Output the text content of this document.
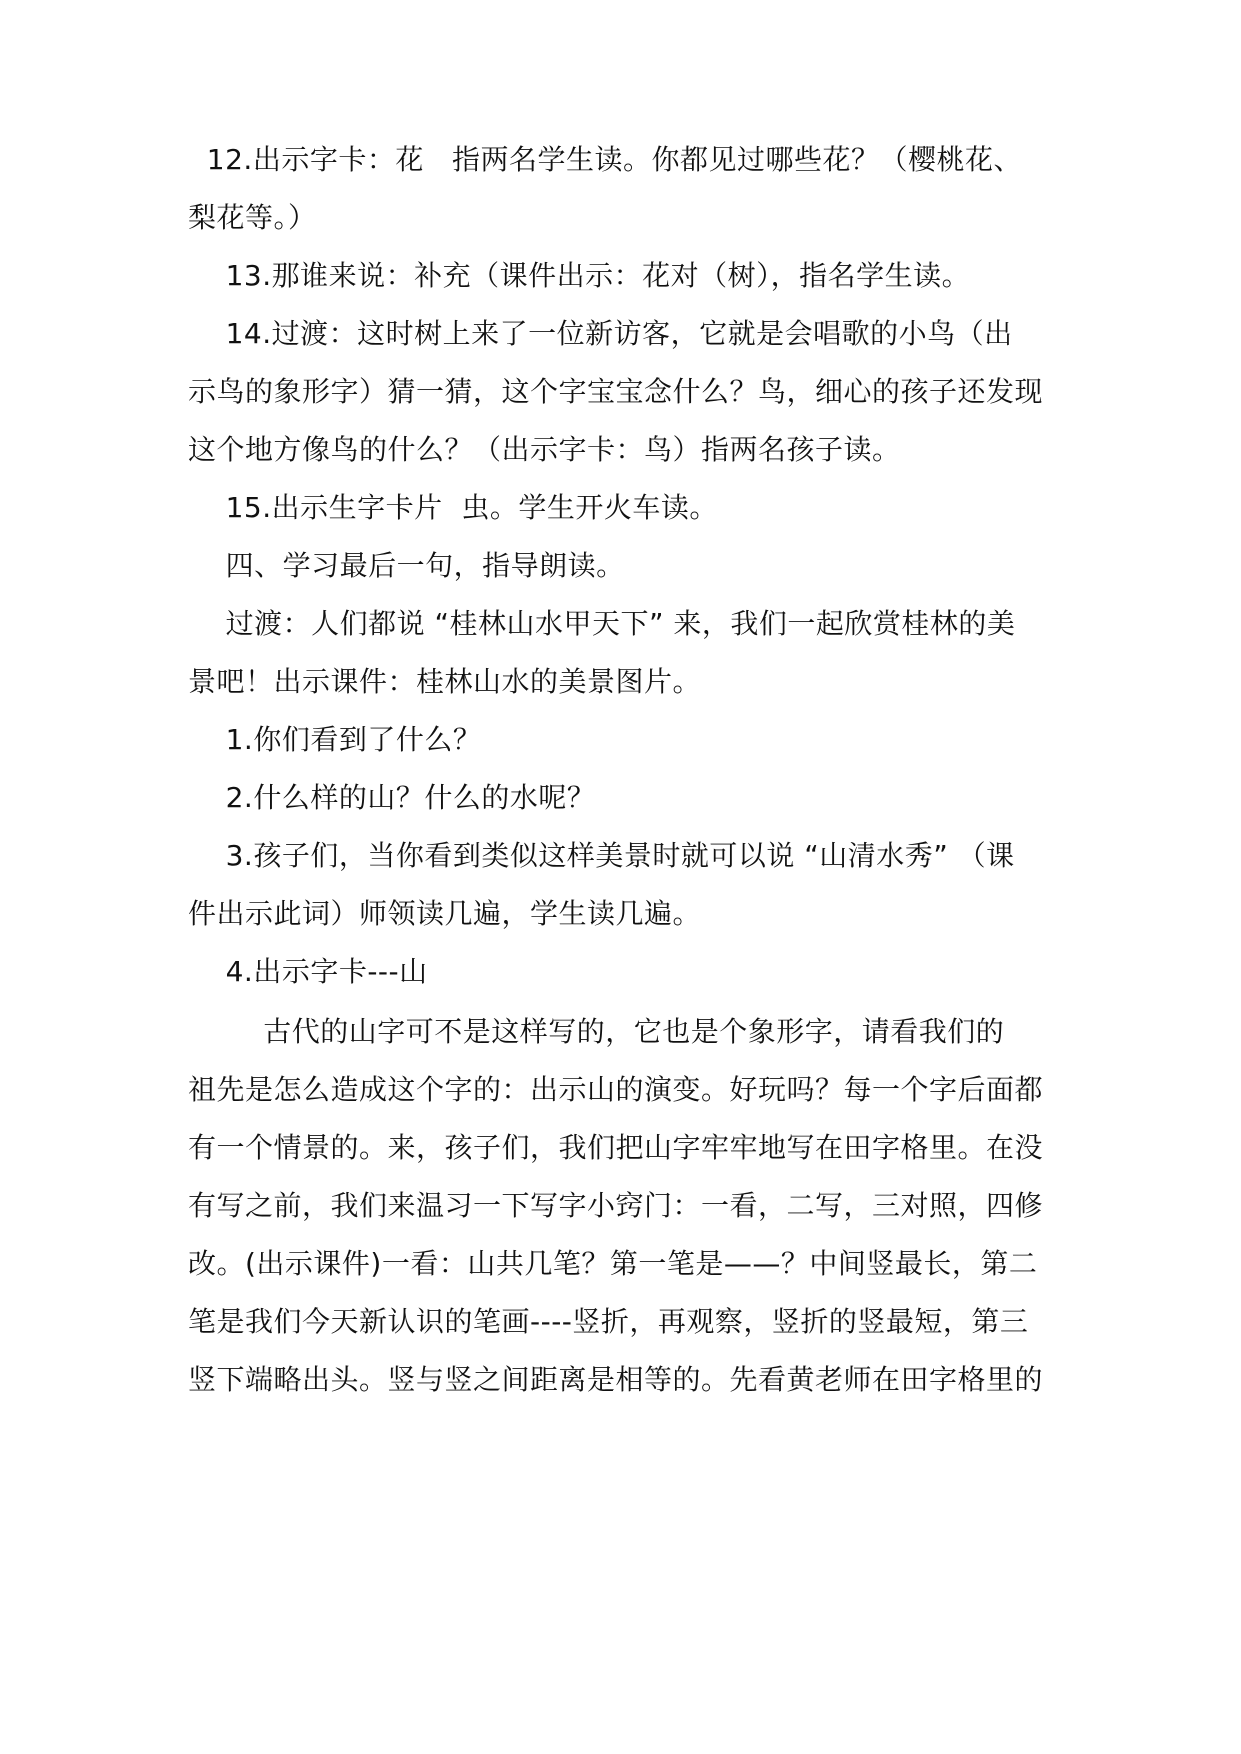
12.出示字卡：花   指两名学生读。你都见过哪些花？（樱桃花、
梨花等。）
13.那谁来说：补充（课件出示：花对（树），指名学生读。
14.过渡：这时树上来了一位新访客，它就是会唱歌的小鸟（出
示鸟的象形字）猜一猜，这个字宝宝念什么？鸟，细心的孩子还发现
这个地方像鸟的什么？（出示字卡：鸟）指两名孩子读。
15.出示生字卡片  虫。学生开火车读。
四、学习最后一句，指导朗读。
过渡：人们都说 “桂林山水甲天下” 来，我们一起欣赏桂林的美
景吧！出示课件：桂林山水的美景图片。
1.你们看到了什么？
2.什么样的山？什么的水呢？
3.孩子们，当你看到类似这样美景时就可以说 “山清水秀” （课
件出示此词）师领读几遍，学生读几遍。
4.出示字卡---山
古代的山字可不是这样写的，它也是个象形字，请看我们的
祖先是怎么造成这个字的：出示山的演变。好玩吗？每一个字后面都
有一个情景的。来，孩子们，我们把山字牢牢地写在田字格里。在没
有写之前，我们来温习一下写字小窍门：一看，二写，三对照，四修
改。(出示课件)一看：山共几笔？第一笔是——？中间竖最长，第二
笔是我们今天新认识的笔画----竖折，再观察，竖折的竖最短，第三
竖下端略出头。竖与竖之间距离是相等的。先看黄老师在田字格里的
